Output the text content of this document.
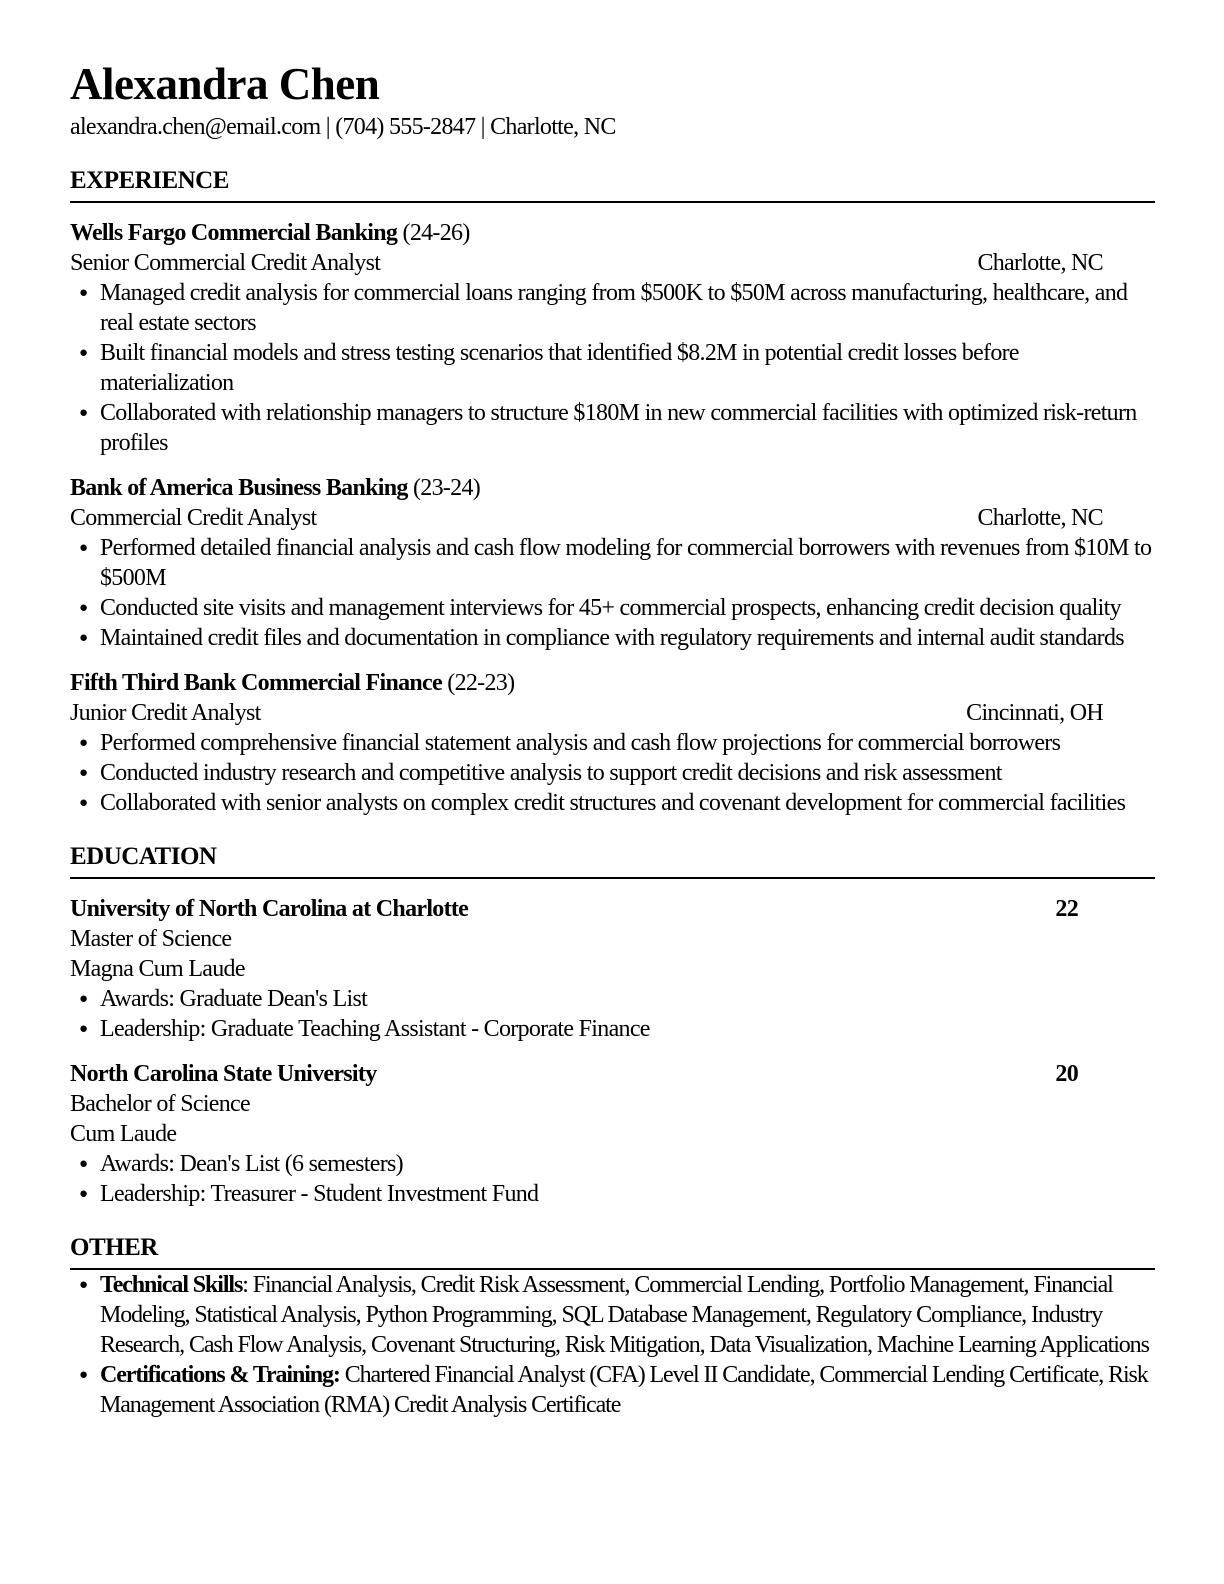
Alexandra Chen
alexandra.chen@email.com | (704) 555-2847 | Charlotte, NC
EXPERIENCE
Wells Fargo Commercial Banking (24-26)
Senior Commercial Credit Analyst	Charlotte, NC
● Managed credit analysis for commercial loans ranging from $500K to $50M across manufacturing, healthcare, and real estate sectors
● Built financial models and stress testing scenarios that identified $8.2M in potential credit losses before materialization
● Collaborated with relationship managers to structure $180M in new commercial facilities with optimized risk-return profiles
Bank of America Business Banking (23-24)
Commercial Credit Analyst	Charlotte, NC
● Performed detailed financial analysis and cash flow modeling for commercial borrowers with revenues from $10M to $500M
● Conducted site visits and management interviews for 45+ commercial prospects, enhancing credit decision quality
● Maintained credit files and documentation in compliance with regulatory requirements and internal audit standards
Fifth Third Bank Commercial Finance (22-23)
Junior Credit Analyst	Cincinnati, OH
● Performed comprehensive financial statement analysis and cash flow projections for commercial borrowers
● Conducted industry research and competitive analysis to support credit decisions and risk assessment
● Collaborated with senior analysts on complex credit structures and covenant development for commercial facilities
EDUCATION
University of North Carolina at Charlotte	22
Master of Science
Magna Cum Laude
● Awards: Graduate Dean's List
● Leadership: Graduate Teaching Assistant - Corporate Finance
North Carolina State University	20
Bachelor of Science
Cum Laude
● Awards: Dean's List (6 semesters)
● Leadership: Treasurer - Student Investment Fund
OTHER
● Technical Skills: Financial Analysis, Credit Risk Assessment, Commercial Lending, Portfolio Management, Financial Modeling, Statistical Analysis, Python Programming, SQL Database Management, Regulatory Compliance, Industry Research, Cash Flow Analysis, Covenant Structuring, Risk Mitigation, Data Visualization, Machine Learning Applications
● Certifications & Training: Chartered Financial Analyst (CFA) Level II Candidate, Commercial Lending Certificate, Risk Management Association (RMA) Credit Analysis Certificate
